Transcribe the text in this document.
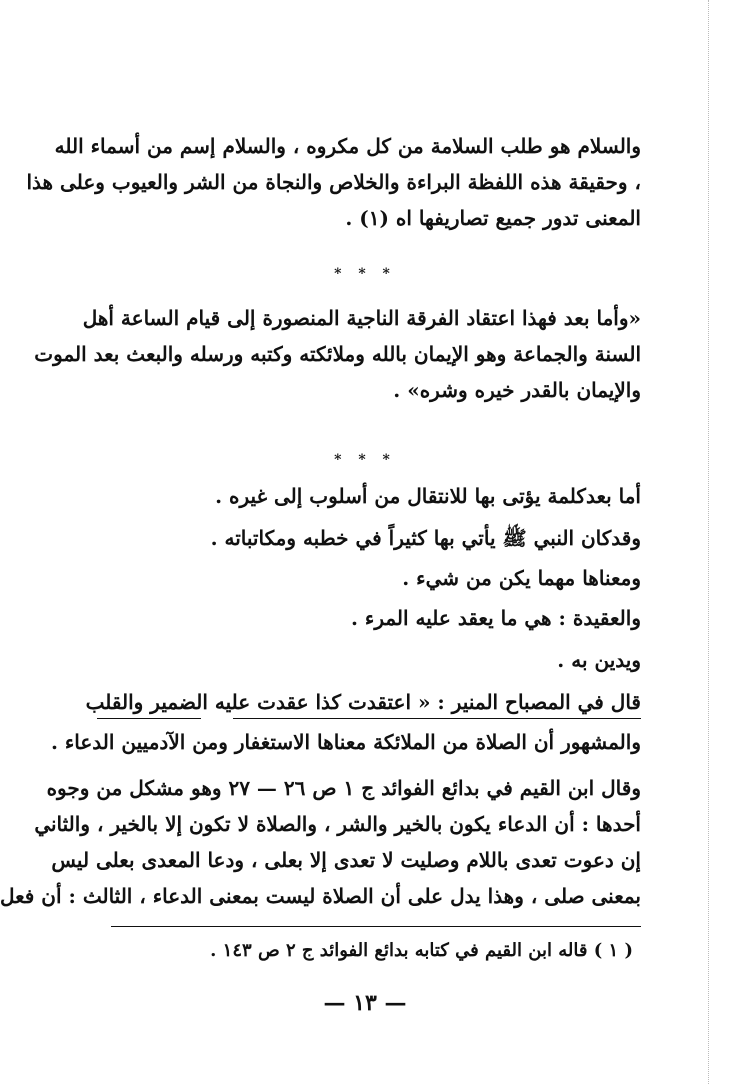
والسلام هو طلب السلامة من كل مكروه ، والسلام إسم من أسماء الله
، وحقيقة هذه اللفظة البراءة والخلاص والنجاة من الشر والعيوب وعلى هذا
المعنى تدور جميع تصاريفها اه (١) .
* * *
«وأما بعد فهذا اعتقاد الفرقة الناجية المنصورة إلى قيام الساعة أهل
السنة والجماعة وهو الإيمان بالله وملائكته وكتبه ورسله والبعث بعد الموت
والإيمان بالقدر خيره وشره» .
* * *
أما بعدكلمة يؤتى بها للانتقال من أسلوب إلى غيره .
وقدكان النبي ﷺ يأتي بها كثيراً في خطبه ومكاتباته .
ومعناها مهما يكن من شيء .
والعقيدة : هي ما يعقد عليه المرء .
ويدين به .
قال في المصباح المنير : « اعتقدت كذا عقدت عليه الضمير والقلب
والمشهور أن الصلاة من الملائكة معناها الاستغفار ومن الآدميين الدعاء .
وقال ابن القيم في بدائع الفوائد ج ١ ص ٢٦ — ٢٧ وهو مشكل من وجوه
أحدها : أن الدعاء يكون بالخير والشر ، والصلاة لا تكون إلا بالخير ، والثاني
إن دعوت تعدى باللام وصليت لا تعدى إلا بعلى ، ودعا المعدى بعلى ليس
بمعنى صلى ، وهذا يدل على أن الصلاة ليست بمعنى الدعاء ، الثالث : أن فعل
( ١ ) قاله ابن القيم في كتابه بدائع الفوائد ج ٢ ص ١٤٣ .
— ١٣ —
